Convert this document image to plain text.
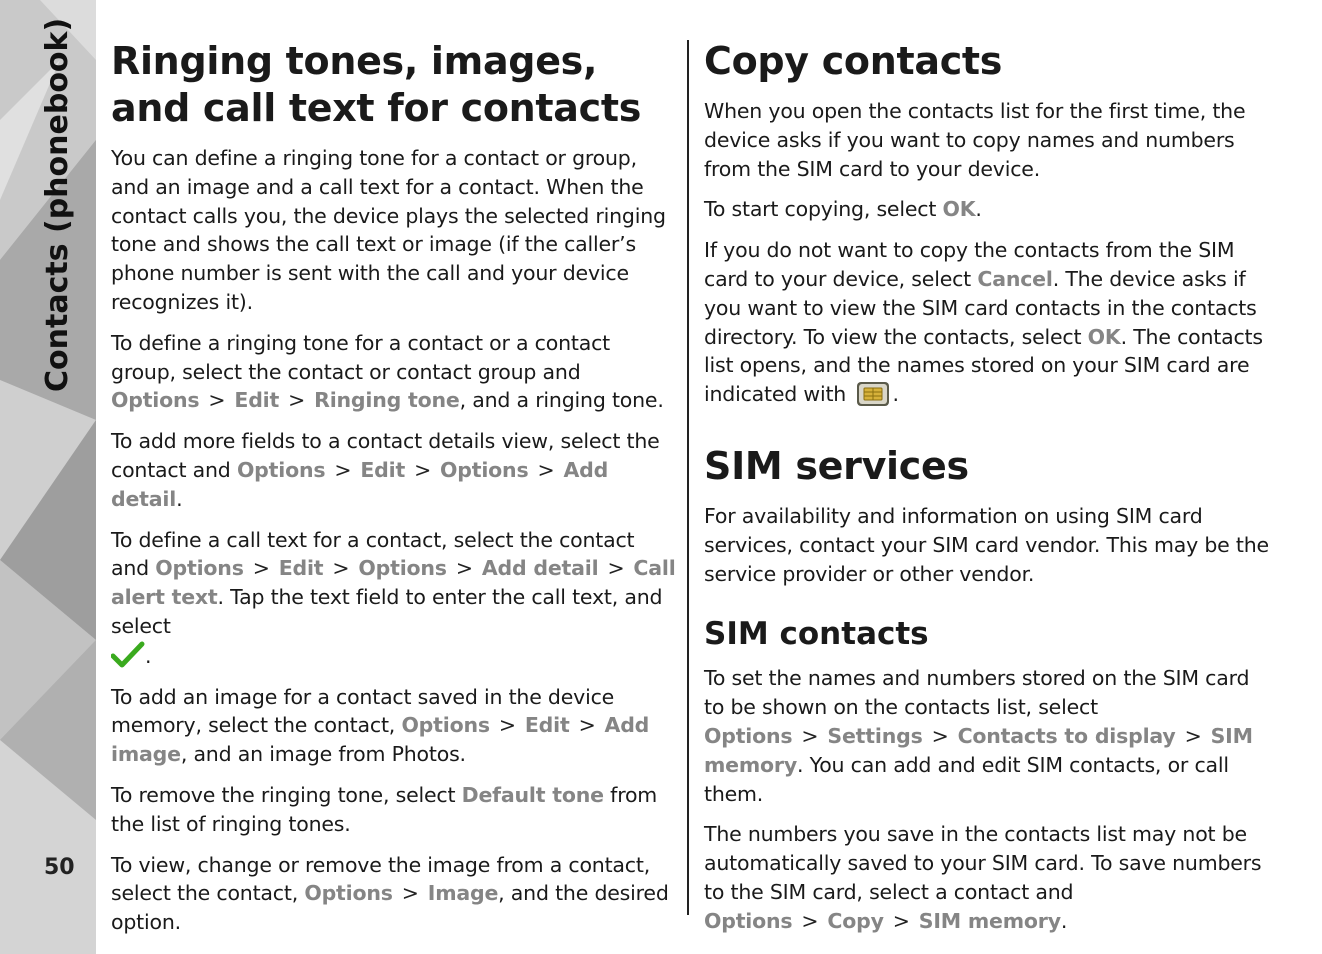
Contacts (phonebook)
50
Ringing tones, images, and call text for contacts

You can define a ringing tone for a contact or group, and an image and a call text for a contact. When the contact calls you, the device plays the selected ringing tone and shows the call text or image (if the caller’s phone number is sent with the call and your device recognizes it).

To define a ringing tone for a contact or a contact group, select the contact or contact group and Options > Edit > Ringing tone, and a ringing tone.

To add more fields to a contact details view, select the contact and Options > Edit > Options > Add detail.

To define a call text for a contact, select the contact and Options > Edit > Options > Add detail > Call alert text. Tap the text field to enter the call text, and select
.

To add an image for a contact saved in the device memory, select the contact, Options > Edit > Add image, and an image from Photos.

To remove the ringing tone, select Default tone from the list of ringing tones.

To view, change or remove the image from a contact, select the contact, Options > Image, and the desired option.

Copy contacts

When you open the contacts list for the first time, the device asks if you want to copy names and numbers from the SIM card to your device.

To start copying, select OK.

If you do not want to copy the contacts from the SIM card to your device, select Cancel. The device asks if you want to view the SIM card contacts in the contacts directory. To view the contacts, select OK. The contacts list opens, and the names stored on your SIM card are indicated with .

SIM services

For availability and information on using SIM card services, contact your SIM card vendor. This may be the service provider or other vendor.

SIM contacts

To set the names and numbers stored on the SIM card to be shown on the contacts list, select Options > Settings > Contacts to display > SIM memory. You can add and edit SIM contacts, or call them.

The numbers you save in the contacts list may not be automatically saved to your SIM card. To save numbers to the SIM card, select a contact and Options > Copy > SIM memory.
